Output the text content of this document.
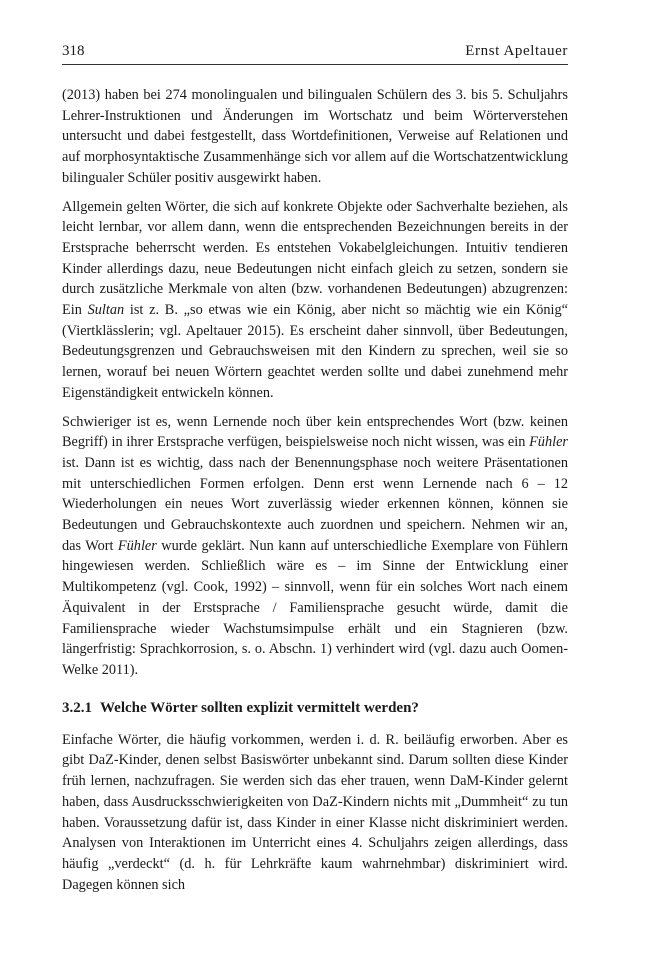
318	Ernst Apeltauer

(2013) haben bei 274 monolingualen und bilingualen Schülern des 3. bis 5. Schuljahrs Lehrer-Instruktionen und Änderungen im Wortschatz und beim Wörterverstehen untersucht und dabei festgestellt, dass Wortdefinitionen, Verweise auf Relationen und auf morphosyntaktische Zusammenhänge sich vor allem auf die Wortschatzentwicklung bilingualer Schüler positiv ausgewirkt haben.

Allgemein gelten Wörter, die sich auf konkrete Objekte oder Sachverhalte beziehen, als leicht lernbar, vor allem dann, wenn die entsprechenden Bezeichnungen bereits in der Erstsprache beherrscht werden. Es entstehen Vokabelgleichungen. Intuitiv tendieren Kinder allerdings dazu, neue Bedeutungen nicht einfach gleich zu setzen, sondern sie durch zusätzliche Merkmale von alten (bzw. vorhandenen Bedeutungen) abzugrenzen: Ein Sultan ist z. B. „so etwas wie ein König, aber nicht so mächtig wie ein König“ (Viertklässlerin; vgl. Apeltauer 2015). Es erscheint daher sinnvoll, über Bedeutungen, Bedeutungsgrenzen und Gebrauchsweisen mit den Kindern zu sprechen, weil sie so lernen, worauf bei neuen Wörtern geachtet werden sollte und dabei zunehmend mehr Eigenständigkeit entwickeln können.

Schwieriger ist es, wenn Lernende noch über kein entsprechendes Wort (bzw. keinen Begriff) in ihrer Erstsprache verfügen, beispielsweise noch nicht wissen, was ein Fühler ist. Dann ist es wichtig, dass nach der Benennungsphase noch weitere Präsentationen mit unterschiedlichen Formen erfolgen. Denn erst wenn Lernende nach 6 – 12 Wiederholungen ein neues Wort zuverlässig wieder erkennen können, können sie Bedeutungen und Gebrauchskontexte auch zuordnen und speichern. Nehmen wir an, das Wort Fühler wurde geklärt. Nun kann auf unterschiedliche Exemplare von Fühlern hingewiesen werden. Schließlich wäre es – im Sinne der Entwicklung einer Multikompetenz (vgl. Cook, 1992) – sinnvoll, wenn für ein solches Wort nach einem Äquivalent in der Erstsprache / Familiensprache gesucht würde, damit die Familiensprache wieder Wachstumsimpulse erhält und ein Stagnieren (bzw. längerfristig: Sprachkorrosion, s. o. Abschn. 1) verhindert wird (vgl. dazu auch Oomen-Welke 2011).

3.2.1 Welche Wörter sollten explizit vermittelt werden?

Einfache Wörter, die häufig vorkommen, werden i. d. R. beiläufig erworben. Aber es gibt DaZ-Kinder, denen selbst Basiswörter unbekannt sind. Darum sollten diese Kinder früh lernen, nachzufragen. Sie werden sich das eher trauen, wenn DaM-Kinder gelernt haben, dass Ausdrucksschwierigkeiten von DaZ-Kindern nichts mit „Dummheit“ zu tun haben. Voraussetzung dafür ist, dass Kinder in einer Klasse nicht diskriminiert werden. Analysen von Interaktionen im Unterricht eines 4. Schuljahrs zeigen allerdings, dass häufig „verdeckt“ (d. h. für Lehrkräfte kaum wahrnehmbar) diskriminiert wird. Dagegen können sich
